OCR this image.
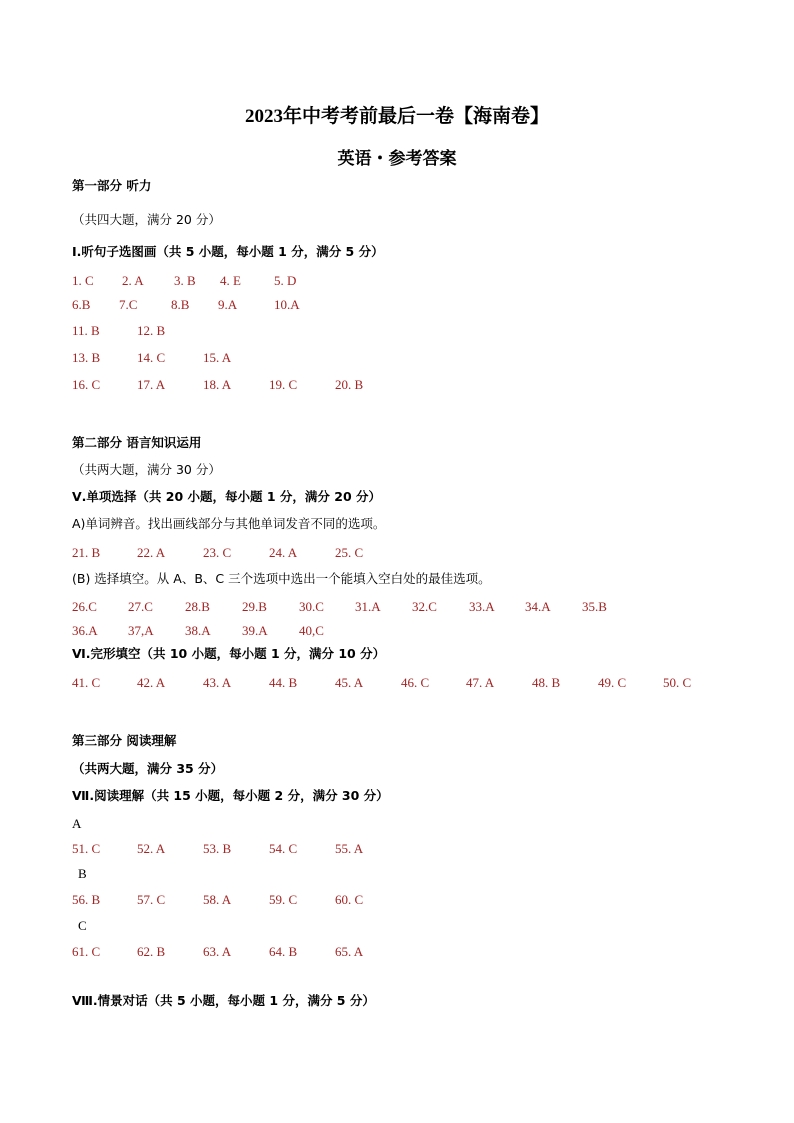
2023年中考考前最后一卷【海南卷】
英语・参考答案
第一部分 听力
（共四大题，满分 20 分）
Ⅰ.听句子选图画（共 5 小题，每小题 1 分，满分 5 分）
1. C 2. A 3. B 4. E	5. D
6.B 7.C	8.B 9.A	10.A
11. B	12. B
13. B	14. C	15. A
16. C	17. A	18. A	19. C	20. B
第二部分 语言知识运用
（共两大题，满分 30 分）
Ⅴ.单项选择（共 20 小题，每小题 1 分，满分 20 分）
A)单词辨音。找出画线部分与其他单词发音不同的选项。
21. B	22. A	23. C	24. A	25. C
(B) 选择填空。从 A、B、C 三个选项中选出一个能填入空白处的最佳选项。
26.C 27.C 28.B 29.B 30.C 31.A 32.C 33.A 34.A 35.B
36.A 37,A 38.A 39.A 40,C
Ⅵ.完形填空（共 10 小题，每小题 1 分，满分 10 分）
41. C	42. A	43. A	44. B	45. A	46. C	47. A	48. B	49. C	50. C
第三部分 阅读理解
（共两大题，满分 35 分）
Ⅶ.阅读理解（共 15 小题，每小题 2 分，满分 30 分）
A
51. C	52. A	53. B	54. C	55. A
B
56. B	57. C	58. A	59. C	60. C
C
61. C	62. B	63. A	64. B	65. A
Ⅷ.情景对话（共 5 小题，每小题 1 分，满分 5 分）
